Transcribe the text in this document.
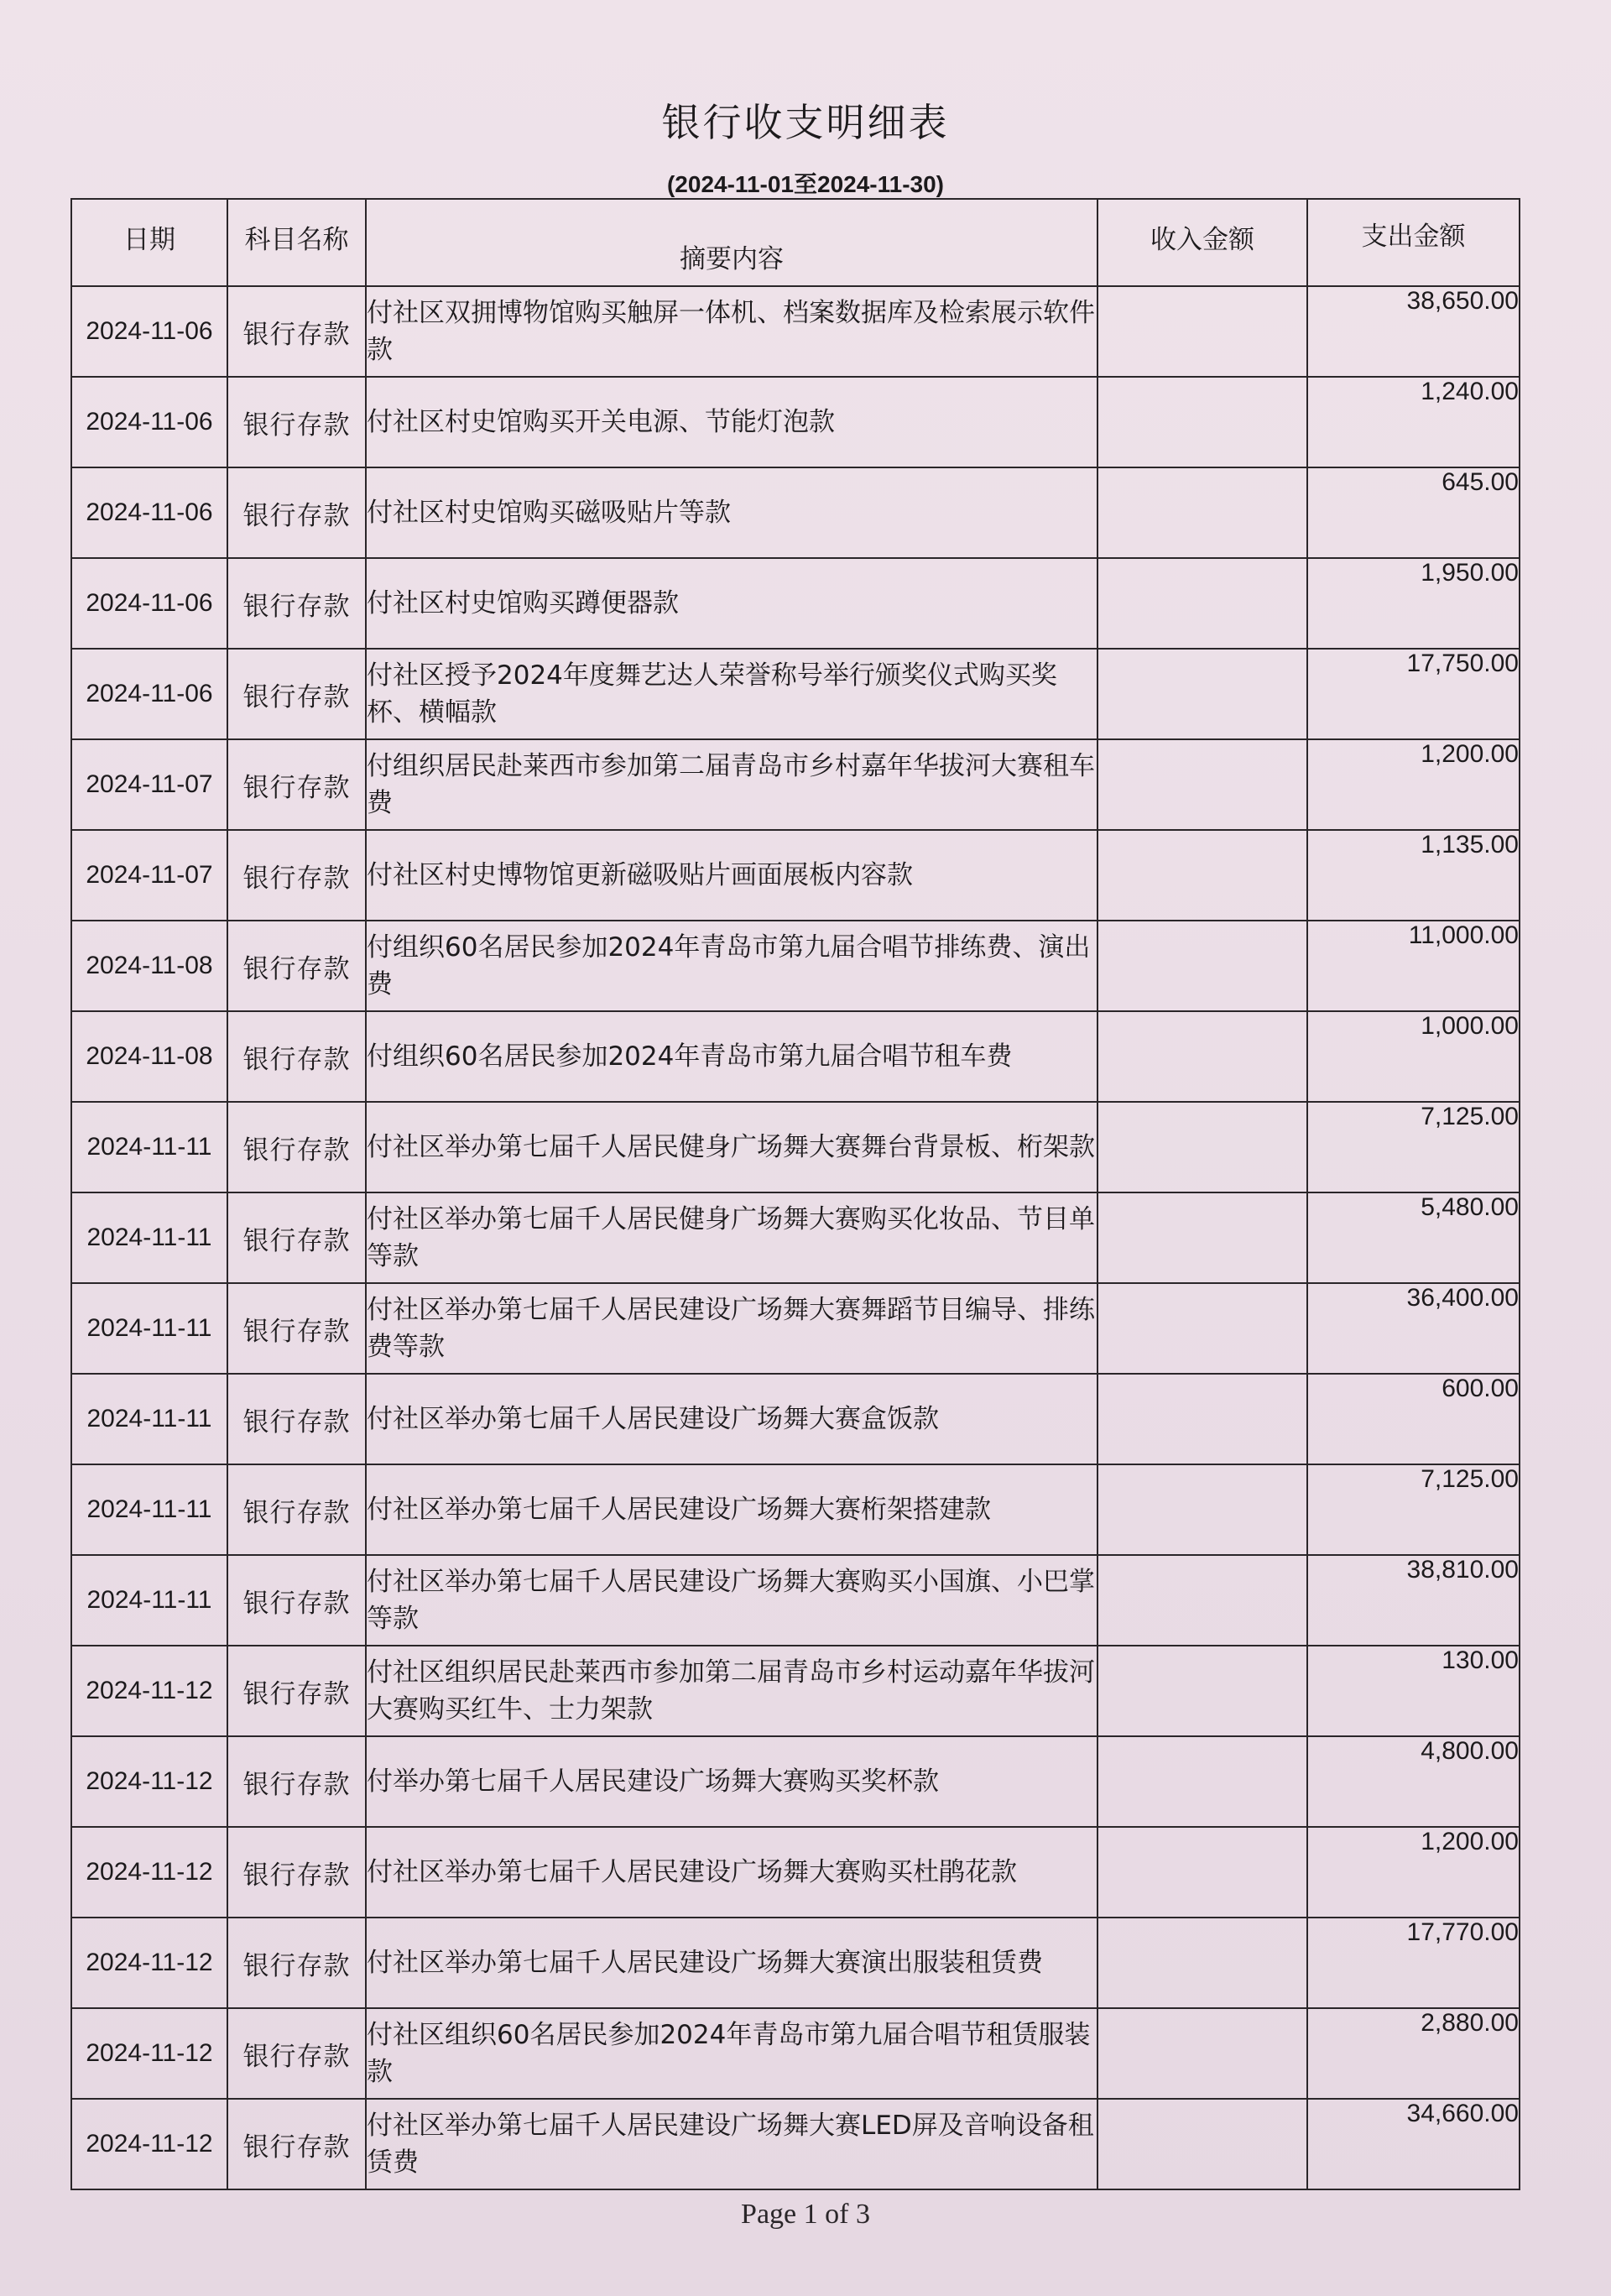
银行收支明细表
(2024-11-01至2024-11-30)
日期	科目名称	摘要内容	收入金额	支出金额
2024-11-06	银行存款	付社区双拥博物馆购买触屏一体机、档案数据库及检索展示软件款		38,650.00
2024-11-06	银行存款	付社区村史馆购买开关电源、节能灯泡款		1,240.00
2024-11-06	银行存款	付社区村史馆购买磁吸贴片等款		645.00
2024-11-06	银行存款	付社区村史馆购买蹲便器款		1,950.00
2024-11-06	银行存款	付社区授予2024年度舞艺达人荣誉称号举行颁奖仪式购买奖杯、横幅款		17,750.00
2024-11-07	银行存款	付组织居民赴莱西市参加第二届青岛市乡村嘉年华拔河大赛租车费		1,200.00
2024-11-07	银行存款	付社区村史博物馆更新磁吸贴片画面展板内容款		1,135.00
2024-11-08	银行存款	付组织60名居民参加2024年青岛市第九届合唱节排练费、演出费		11,000.00
2024-11-08	银行存款	付组织60名居民参加2024年青岛市第九届合唱节租车费		1,000.00
2024-11-11	银行存款	付社区举办第七届千人居民健身广场舞大赛舞台背景板、桁架款		7,125.00
2024-11-11	银行存款	付社区举办第七届千人居民健身广场舞大赛购买化妆品、节目单等款		5,480.00
2024-11-11	银行存款	付社区举办第七届千人居民建设广场舞大赛舞蹈节目编导、排练费等款		36,400.00
2024-11-11	银行存款	付社区举办第七届千人居民建设广场舞大赛盒饭款		600.00
2024-11-11	银行存款	付社区举办第七届千人居民建设广场舞大赛桁架搭建款		7,125.00
2024-11-11	银行存款	付社区举办第七届千人居民建设广场舞大赛购买小国旗、小巴掌等款		38,810.00
2024-11-12	银行存款	付社区组织居民赴莱西市参加第二届青岛市乡村运动嘉年华拔河大赛购买红牛、士力架款		130.00
2024-11-12	银行存款	付举办第七届千人居民建设广场舞大赛购买奖杯款		4,800.00
2024-11-12	银行存款	付社区举办第七届千人居民建设广场舞大赛购买杜鹃花款		1,200.00
2024-11-12	银行存款	付社区举办第七届千人居民建设广场舞大赛演出服装租赁费		17,770.00
2024-11-12	银行存款	付社区组织60名居民参加2024年青岛市第九届合唱节租赁服装款		2,880.00
2024-11-12	银行存款	付社区举办第七届千人居民建设广场舞大赛LED屏及音响设备租赁费		34,660.00
Page 1 of 3
